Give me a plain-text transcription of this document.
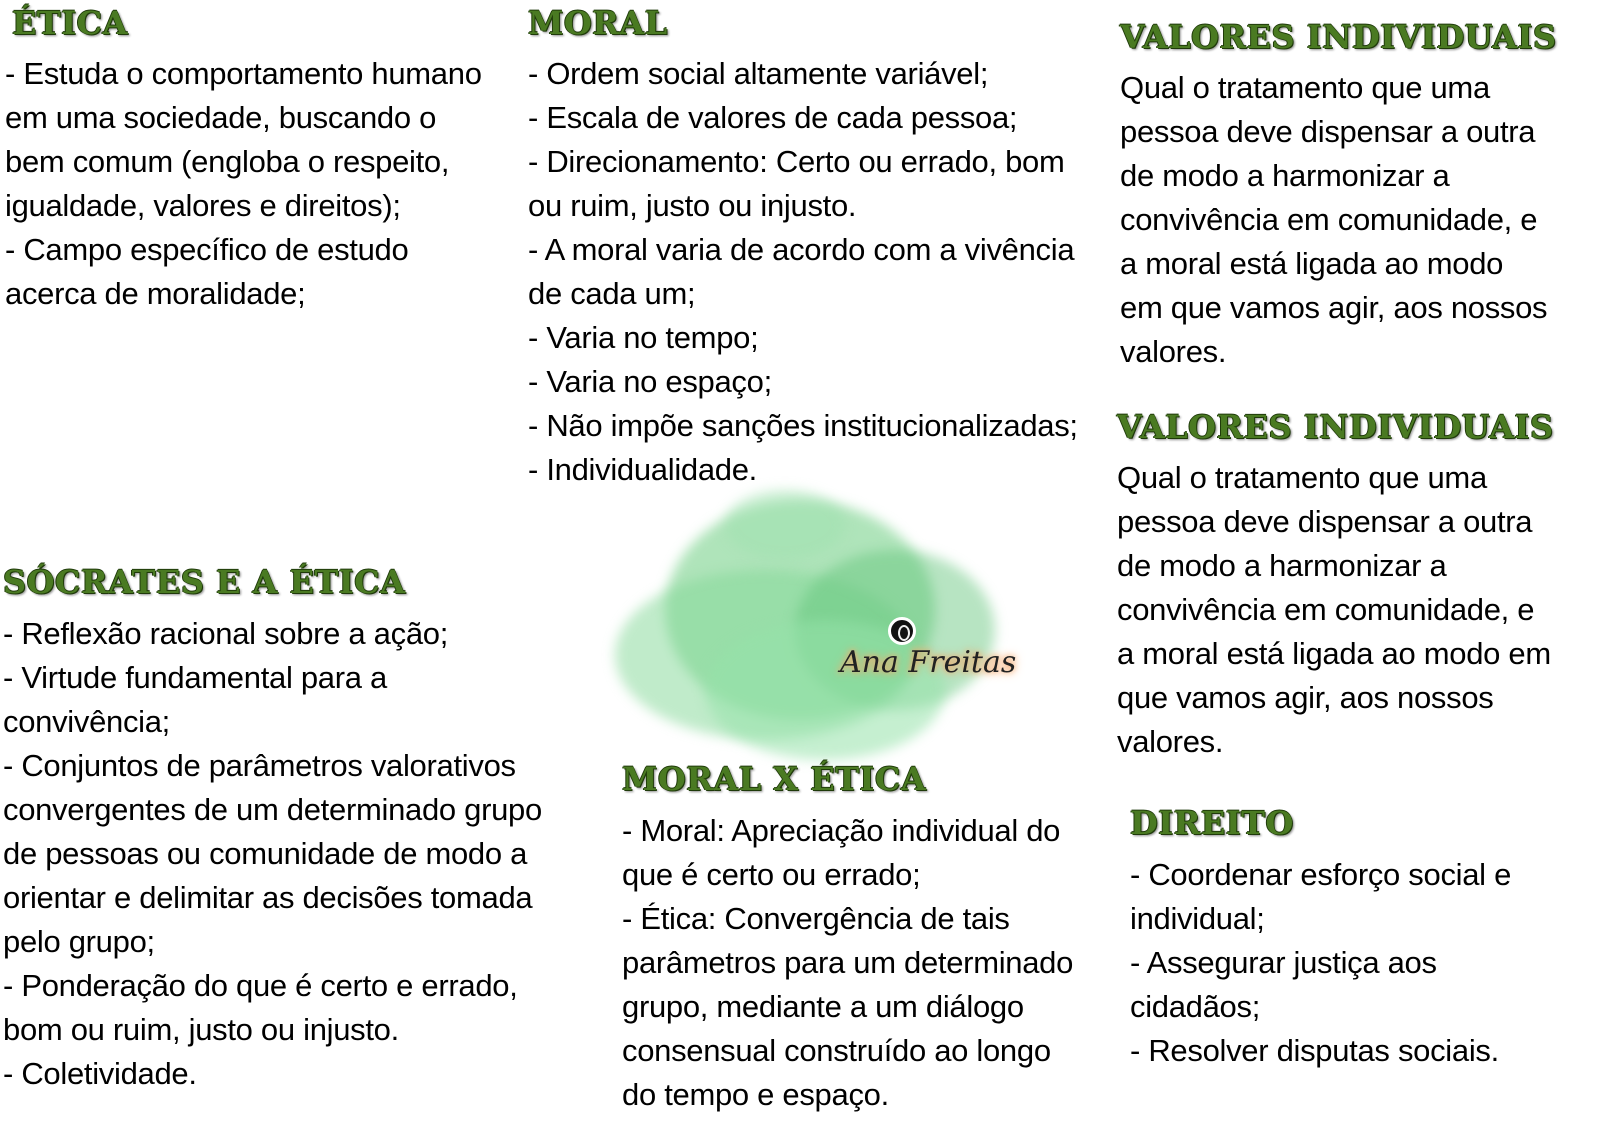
Ana Freitas
ÉTICA
- Estuda o comportamento humano
em uma sociedade, buscando o
bem comum (engloba o respeito,
igualdade, valores e direitos);
- Campo específico de estudo
acerca de moralidade;
MORAL
- Ordem social altamente variável;
- Escala de valores de cada pessoa;
- Direcionamento: Certo ou errado, bom
ou ruim, justo ou injusto.
- A moral varia de acordo com a vivência
de cada um;
- Varia no tempo;
- Varia no espaço;
- Não impõe sanções institucionalizadas;
- Individualidade.
VALORES INDIVIDUAIS
Qual o tratamento que uma
pessoa deve dispensar a outra
de modo a harmonizar a
convivência em comunidade, e
a moral está ligada ao modo
em que vamos agir, aos nossos
valores.
VALORES INDIVIDUAIS
Qual o tratamento que uma
pessoa deve dispensar a outra
de modo a harmonizar a
convivência em comunidade, e
a moral está ligada ao modo em
que vamos agir, aos nossos
valores.
SÓCRATES E A ÉTICA
- Reflexão racional sobre a ação;
- Virtude fundamental para a
convivência;
- Conjuntos de parâmetros valorativos
convergentes de um determinado grupo
de pessoas ou comunidade de modo a
orientar e delimitar as decisões tomada
pelo grupo;
- Ponderação do que é certo e errado,
bom ou ruim, justo ou injusto.
- Coletividade.
MORAL X ÉTICA
- Moral: Apreciação individual do
que é certo ou errado;
- Ética: Convergência de tais
parâmetros para um determinado
grupo, mediante a um diálogo
consensual construído ao longo
do tempo e espaço.
DIREITO
- Coordenar esforço social e
individual;
- Assegurar justiça aos
cidadãos;
- Resolver disputas sociais.
